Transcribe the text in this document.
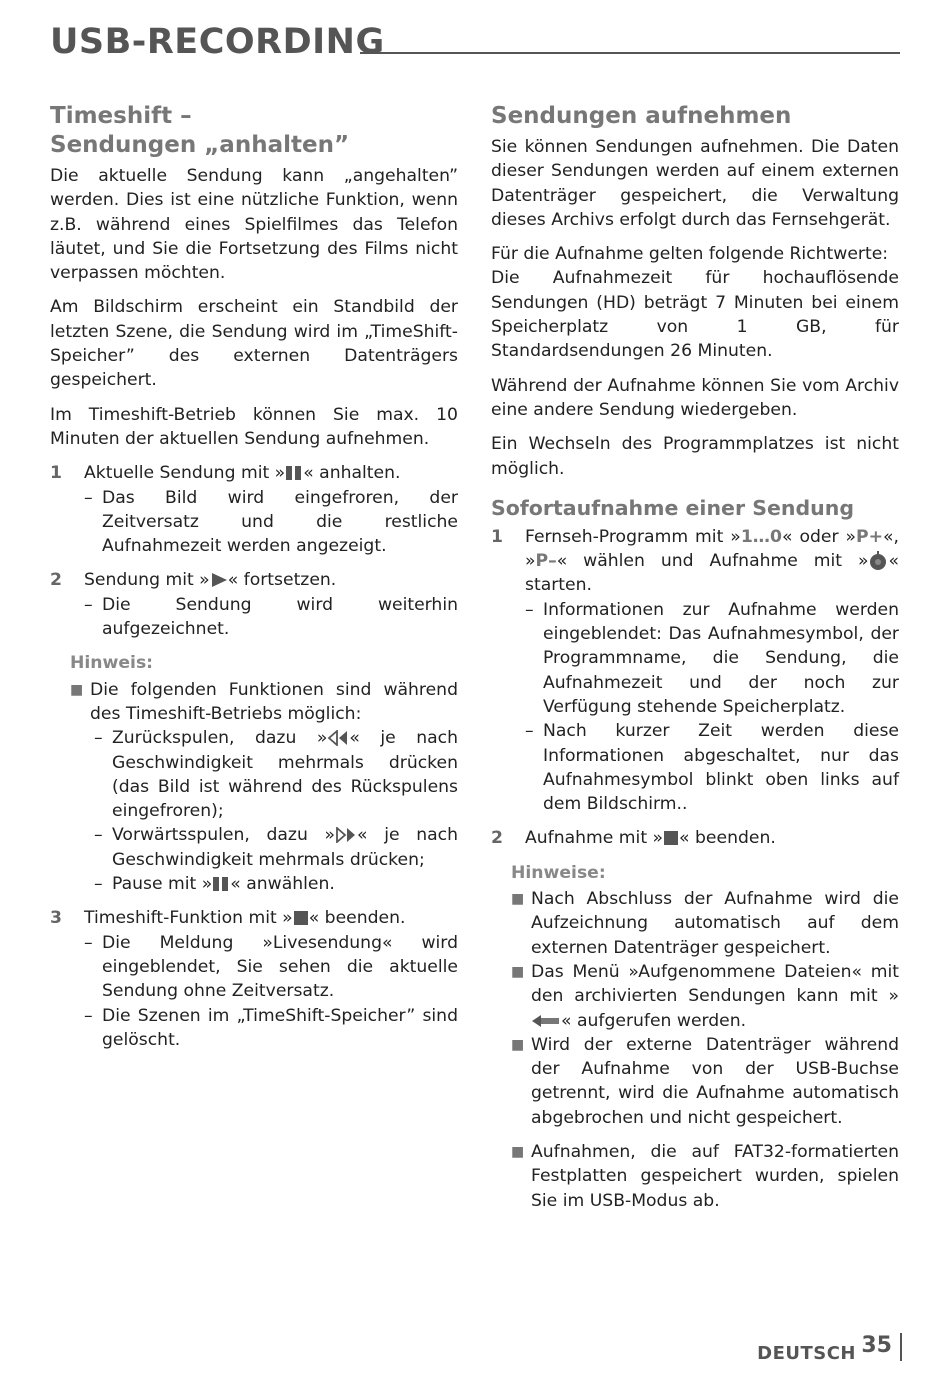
USB-RECORDING
Timeshift –
Sendungen „anhalten”

Die aktuelle Sendung kann „angehalten” werden. Dies ist eine nützliche Funktion, wenn z.B. während eines Spielfilmes das Telefon läutet, und Sie die Fortsetzung des Films nicht verpassen möchten.

Am Bildschirm erscheint ein Standbild der letzten Szene, die Sendung wird im „TimeShift-Speicher” des externen Datenträgers gespeichert.

Im Timeshift-Betrieb können Sie max. 10 Minuten der aktuellen Sendung aufnehmen.

1	Aktuelle Sendung mit » « anhalten.
– Das Bild wird eingefroren, der Zeitversatz und die restliche Aufnahmezeit werden angezeigt.
2	Sendung mit » « fortsetzen.
– Die Sendung wird weiterhin aufgezeichnet.
Hinweis:
■ Die folgenden Funktionen sind während des Timeshift-Betriebs möglich:
– Zurückspulen, dazu » « je nach Geschwindigkeit mehrmals drücken (das Bild ist während des Rückspulens eingefroren);
– Vorwärtsspulen, dazu » « je nach Geschwindigkeit mehrmals drücken;
– Pause mit » « anwählen.
3	Timeshift-Funktion mit » « beenden.
– Die Meldung »Livesendung« wird eingeblendet, Sie sehen die aktuelle Sendung ohne Zeitversatz.
– Die Szenen im „TimeShift-Speicher” sind gelöscht.
Sendungen aufnehmen

Sie können Sendungen aufnehmen. Die Daten dieser Sendungen werden auf einem externen Datenträger gespeichert, die Verwaltung dieses Archivs erfolgt durch das Fernsehgerät.

Für die Aufnahme gelten folgende Richtwerte:
Die Aufnahmezeit für hochauflösende Sendungen (HD) beträgt 7 Minuten bei einem Speicherplatz von 1 GB, für Standardsendungen 26 Minuten.

Während der Aufnahme können Sie vom Archiv eine andere Sendung wiedergeben.

Ein Wechseln des Programmplatzes ist nicht möglich.

Sofortaufnahme einer Sendung
1	Fernseh-Programm mit »1…0« oder »P+«, »P–« wählen und Aufnahme mit » « starten.
– Informationen zur Aufnahme werden eingeblendet: Das Aufnahmesymbol, der Programmname, die Sendung, die Aufnahmezeit und der noch zur Verfügung stehende Speicherplatz.
– Nach kurzer Zeit werden diese Informationen abgeschaltet, nur das Aufnahmesymbol blinkt oben links auf dem Bildschirm..
2	Aufnahme mit » « beenden.
Hinweise:
■ Nach Abschluss der Aufnahme wird die Aufzeichnung automatisch auf dem externen Datenträger gespeichert.
■ Das Menü »Aufgenommene Dateien« mit den archivierten Sendungen kann mit »« aufgerufen werden.
■ Wird der externe Datenträger während der Aufnahme von der USB-Buchse getrennt, wird die Aufnahme automatisch abgebrochen und nicht gespeichert.
■ Aufnahmen, die auf FAT32-formatierten Festplatten gespeichert wurden, spielen Sie im USB-Modus ab.
DEUTSCH 35
